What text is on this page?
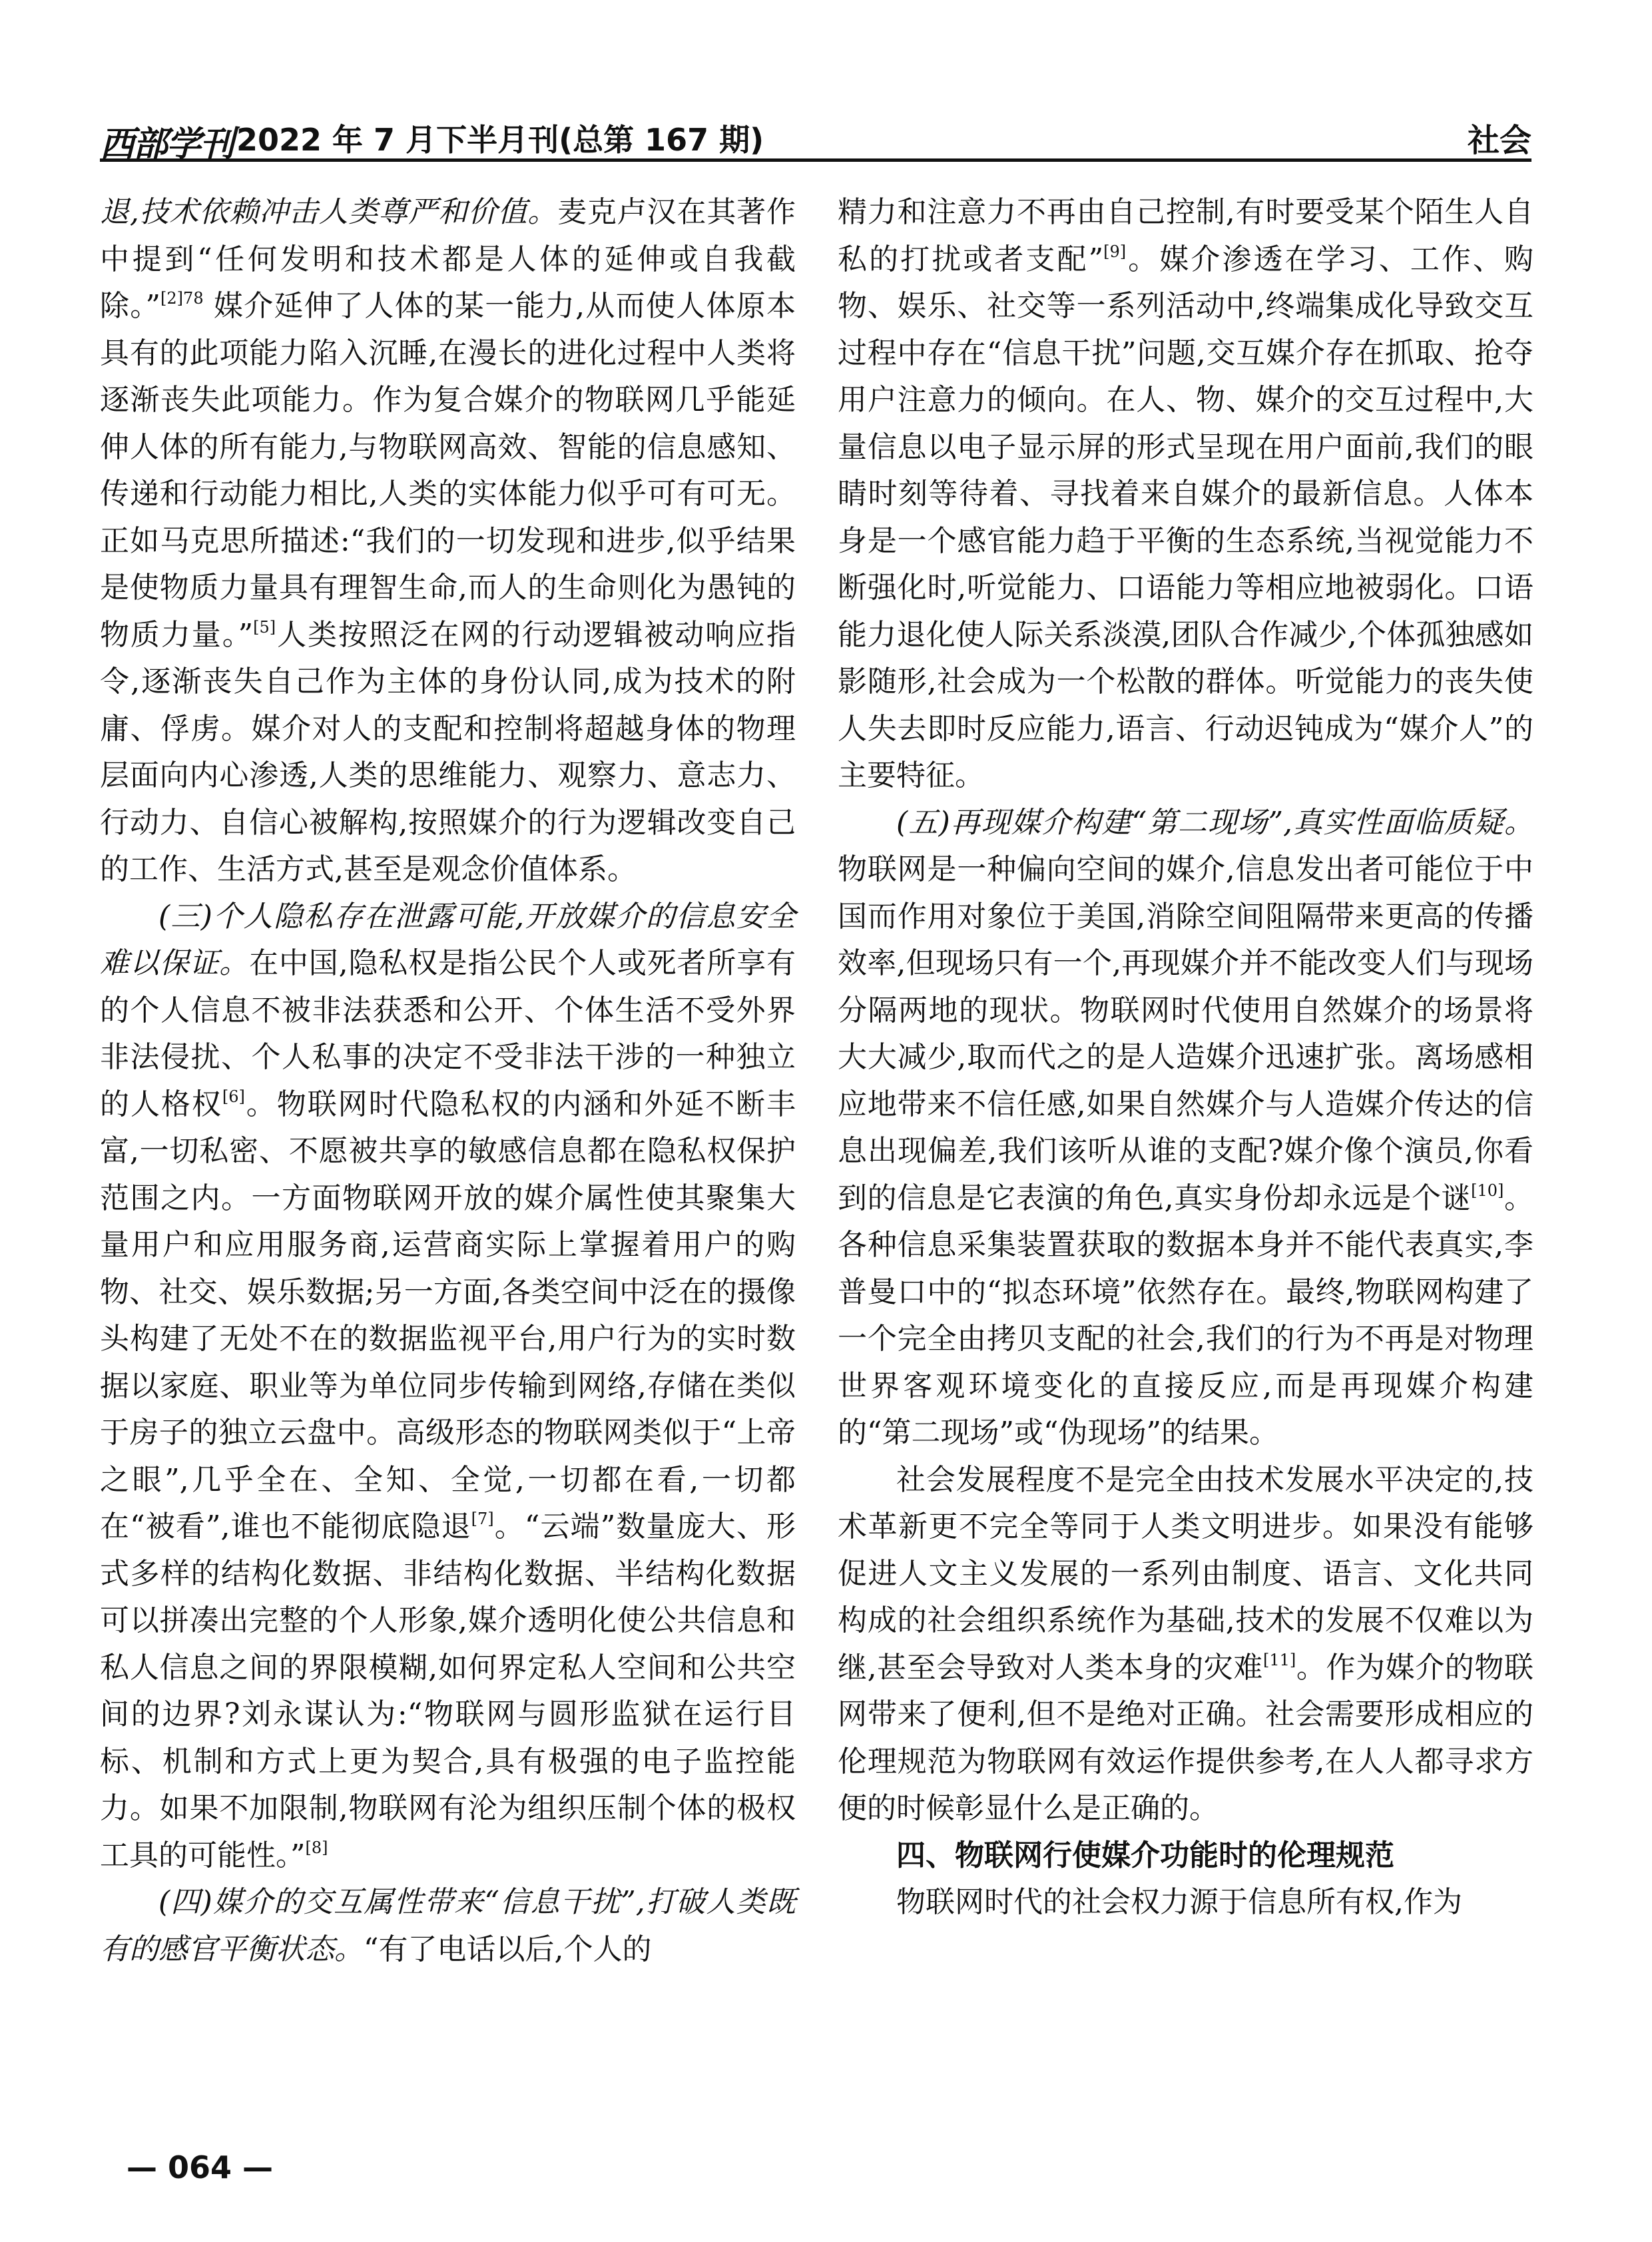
西部学刊 2022 年 7 月下半月刊(总第 167 期)	社会

退,技术依赖冲击人类尊严和价值。麦克卢汉在其著作中提到“任何发明和技术都是人体的延伸或自我截除。”$^{[2]78}$ 媒介延伸了人体的某一能力,从而使人体原本具有的此项能力陷入沉睡,在漫长的进化过程中人类将逐渐丧失此项能力。作为复合媒介的物联网几乎能延伸人体的所有能力,与物联网高效、智能的信息感知、传递和行动能力相比,人类的实体能力似乎可有可无。正如马克思所描述:“我们的一切发现和进步,似乎结果是使物质力量具有理智生命,而人的生命则化为愚钝的物质力量。”[5]人类按照泛在网的行动逻辑被动响应指令,逐渐丧失自己作为主体的身份认同,成为技术的附庸、俘虏。媒介对人的支配和控制将超越身体的物理层面向内心渗透,人类的思维能力、观察力、意志力、行动力、自信心被解构,按照媒介的行为逻辑改变自己的工作、生活方式,甚至是观念价值体系。

(三)个人隐私存在泄露可能,开放媒介的信息安全难以保证。在中国,隐私权是指公民个人或死者所享有的个人信息不被非法获悉和公开、个体生活不受外界非法侵扰、个人私事的决定不受非法干涉的一种独立的人格权[6]。物联网时代隐私权的内涵和外延不断丰富,一切私密、不愿被共享的敏感信息都在隐私权保护范围之内。一方面物联网开放的媒介属性使其聚集大量用户和应用服务商,运营商实际上掌握着用户的购物、社交、娱乐数据;另一方面,各类空间中泛在的摄像头构建了无处不在的数据监视平台,用户行为的实时数据以家庭、职业等为单位同步传输到网络,存储在类似于房子的独立云盘中。高级形态的物联网类似于“上帝之眼”,几乎全在、全知、全觉,一切都在看,一切都在“被看”,谁也不能彻底隐退[7]。“云端”数量庞大、形式多样的结构化数据、非结构化数据、半结构化数据可以拼凑出完整的个人形象,媒介透明化使公共信息和私人信息之间的界限模糊,如何界定私人空间和公共空间的边界?刘永谋认为:“物联网与圆形监狱在运行目标、机制和方式上更为契合,具有极强的电子监控能力。如果不加限制,物联网有沦为组织压制个体的极权工具的可能性。”[8]

(四)媒介的交互属性带来“信息干扰”,打破人类既有的感官平衡状态。“有了电话以后,个人的

精力和注意力不再由自己控制,有时要受某个陌生人自私的打扰或者支配”[9]。媒介渗透在学习、工作、购物、娱乐、社交等一系列活动中,终端集成化导致交互过程中存在“信息干扰”问题,交互媒介存在抓取、抢夺用户注意力的倾向。在人、物、媒介的交互过程中,大量信息以电子显示屏的形式呈现在用户面前,我们的眼睛时刻等待着、寻找着来自媒介的最新信息。人体本身是一个感官能力趋于平衡的生态系统,当视觉能力不断强化时,听觉能力、口语能力等相应地被弱化。口语能力退化使人际关系淡漠,团队合作减少,个体孤独感如影随形,社会成为一个松散的群体。听觉能力的丧失使人失去即时反应能力,语言、行动迟钝成为“媒介人”的主要特征。

(五)再现媒介构建“第二现场”,真实性面临质疑。物联网是一种偏向空间的媒介,信息发出者可能位于中国而作用对象位于美国,消除空间阻隔带来更高的传播效率,但现场只有一个,再现媒介并不能改变人们与现场分隔两地的现状。物联网时代使用自然媒介的场景将大大减少,取而代之的是人造媒介迅速扩张。离场感相应地带来不信任感,如果自然媒介与人造媒介传达的信息出现偏差,我们该听从谁的支配?媒介像个演员,你看到的信息是它表演的角色,真实身份却永远是个谜[10]。各种信息采集装置获取的数据本身并不能代表真实,李普曼口中的“拟态环境”依然存在。最终,物联网构建了一个完全由拷贝支配的社会,我们的行为不再是对物理世界客观环境变化的直接反应,而是再现媒介构建的“第二现场”或“伪现场”的结果。

社会发展程度不是完全由技术发展水平决定的,技术革新更不完全等同于人类文明进步。如果没有能够促进人文主义发展的一系列由制度、语言、文化共同构成的社会组织系统作为基础,技术的发展不仅难以为继,甚至会导致对人类本身的灾难[11]。作为媒介的物联网带来了便利,但不是绝对正确。社会需要形成相应的伦理规范为物联网有效运作提供参考,在人人都寻求方便的时候彰显什么是正确的。

四、物联网行使媒介功能时的伦理规范

物联网时代的社会权力源于信息所有权,作为

— 064 —
